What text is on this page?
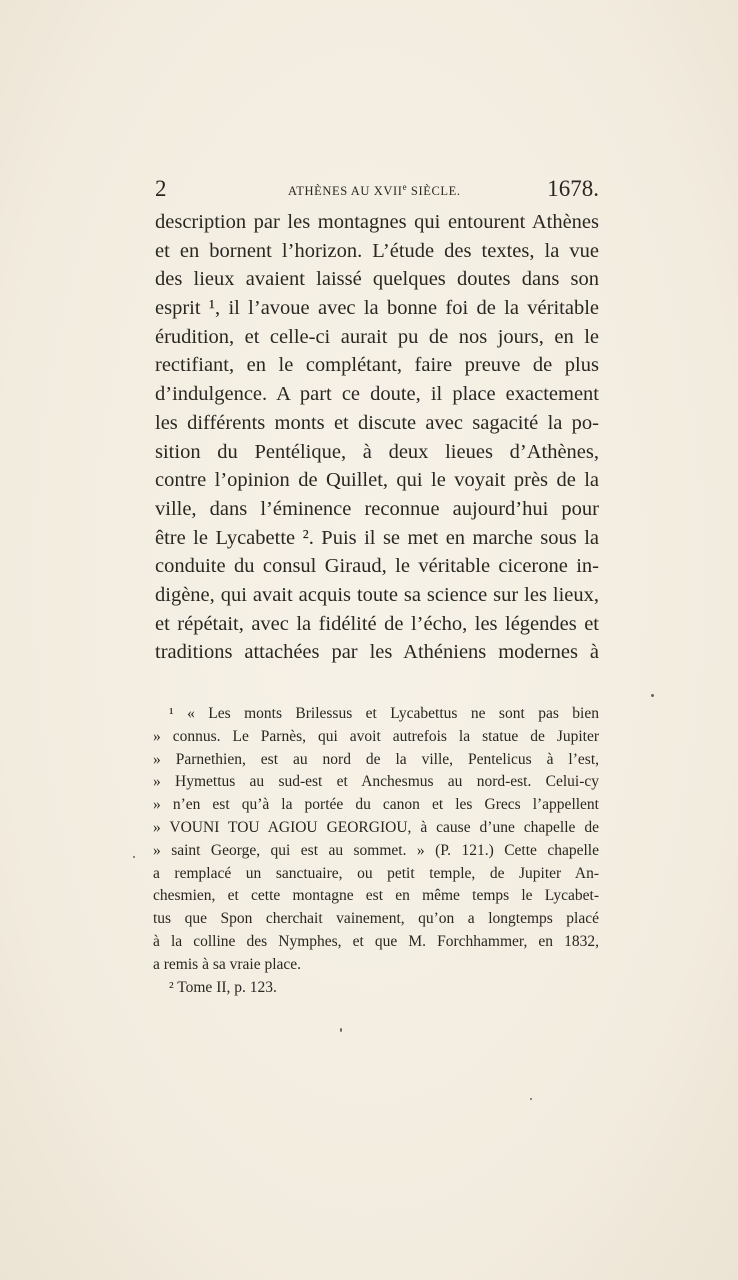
2	ATHÈNES AU XVIIe SIÈCLE.	1678.
description par les montagnes qui entourent Athènes
et en bornent l’horizon. L’étude des textes, la vue
des lieux avaient laissé quelques doutes dans son
esprit ¹, il l’avoue avec la bonne foi de la véritable
érudition, et celle-ci aurait pu de nos jours, en le
rectifiant, en le complétant, faire preuve de plus
d’indulgence. A part ce doute, il place exactement
les différents monts et discute avec sagacité la po-
sition du Pentélique, à deux lieues d’Athènes,
contre l’opinion de Quillet, qui le voyait près de la
ville, dans l’éminence reconnue aujourd’hui pour
être le Lycabette ². Puis il se met en marche sous la
conduite du consul Giraud, le véritable cicerone in-
digène, qui avait acquis toute sa science sur les lieux,
et répétait, avec la fidélité de l’écho, les légendes et
traditions attachées par les Athéniens modernes à
¹ « Les monts Brilessus et Lycabettus ne sont pas bien
» connus. Le Parnès, qui avoit autrefois la statue de Jupiter
» Parnethien, est au nord de la ville, Pentelicus à l’est,
» Hymettus au sud-est et Anchesmus au nord-est. Celui-cy
» n’en est qu’à la portée du canon et les Grecs l’appellent
» VOUNI TOU AGIOU GEORGIOU, à cause d’une chapelle de
» saint George, qui est au sommet. » (P. 121.) Cette chapelle
a remplacé un sanctuaire, ou petit temple, de Jupiter An-
chesmien, et cette montagne est en même temps le Lycabet-
tus que Spon cherchait vainement, qu’on a longtemps placé
à la colline des Nymphes, et que M. Forchhammer, en 1832,
a remis à sa vraie place.
² Tome II, p. 123.
